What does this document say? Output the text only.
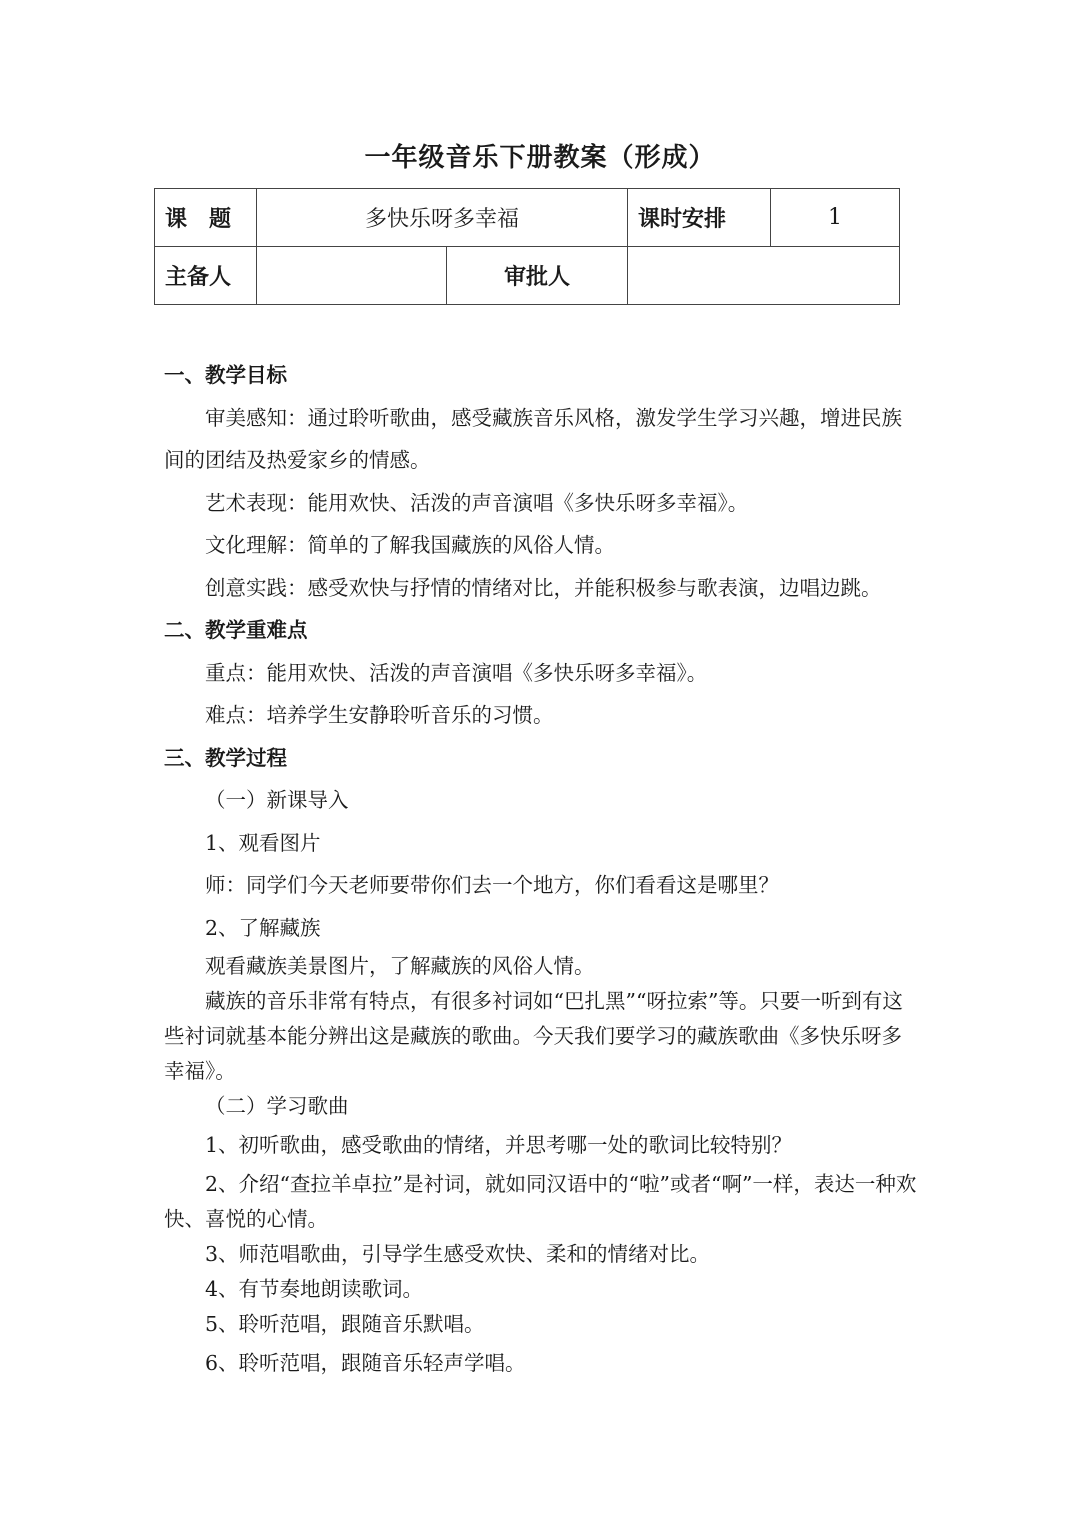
一年级音乐下册教案（形成）
课　题	多快乐呀多幸福		课时安排	1
主备人		审批人		

一、教学目标

审美感知：通过聆听歌曲，感受藏族音乐风格，激发学生学习兴趣，增进民族间的团结及热爱家乡的情感。

艺术表现：能用欢快、活泼的声音演唱《多快乐呀多幸福》。

文化理解：简单的了解我国藏族的风俗人情。

创意实践：感受欢快与抒情的情绪对比，并能积极参与歌表演，边唱边跳。

二、教学重难点

重点：能用欢快、活泼的声音演唱《多快乐呀多幸福》。

难点：培养学生安静聆听音乐的习惯。

三、教学过程

（一）新课导入

1、观看图片

师：同学们今天老师要带你们去一个地方，你们看看这是哪里？

2、了解藏族

观看藏族美景图片，了解藏族的风俗人情。

藏族的音乐非常有特点，有很多衬词如“巴扎黑”“呀拉索”等。只要一听到有这些衬词就基本能分辨出这是藏族的歌曲。今天我们要学习的藏族歌曲《多快乐呀多幸福》。

（二）学习歌曲

1、初听歌曲，感受歌曲的情绪，并思考哪一处的歌词比较特别？

2、介绍“查拉羊卓拉”是衬词，就如同汉语中的“啦”或者“啊”一样，表达一种欢快、喜悦的心情。

3、师范唱歌曲，引导学生感受欢快、柔和的情绪对比。

4、有节奏地朗读歌词。

5、聆听范唱，跟随音乐默唱。

6、聆听范唱，跟随音乐轻声学唱。
